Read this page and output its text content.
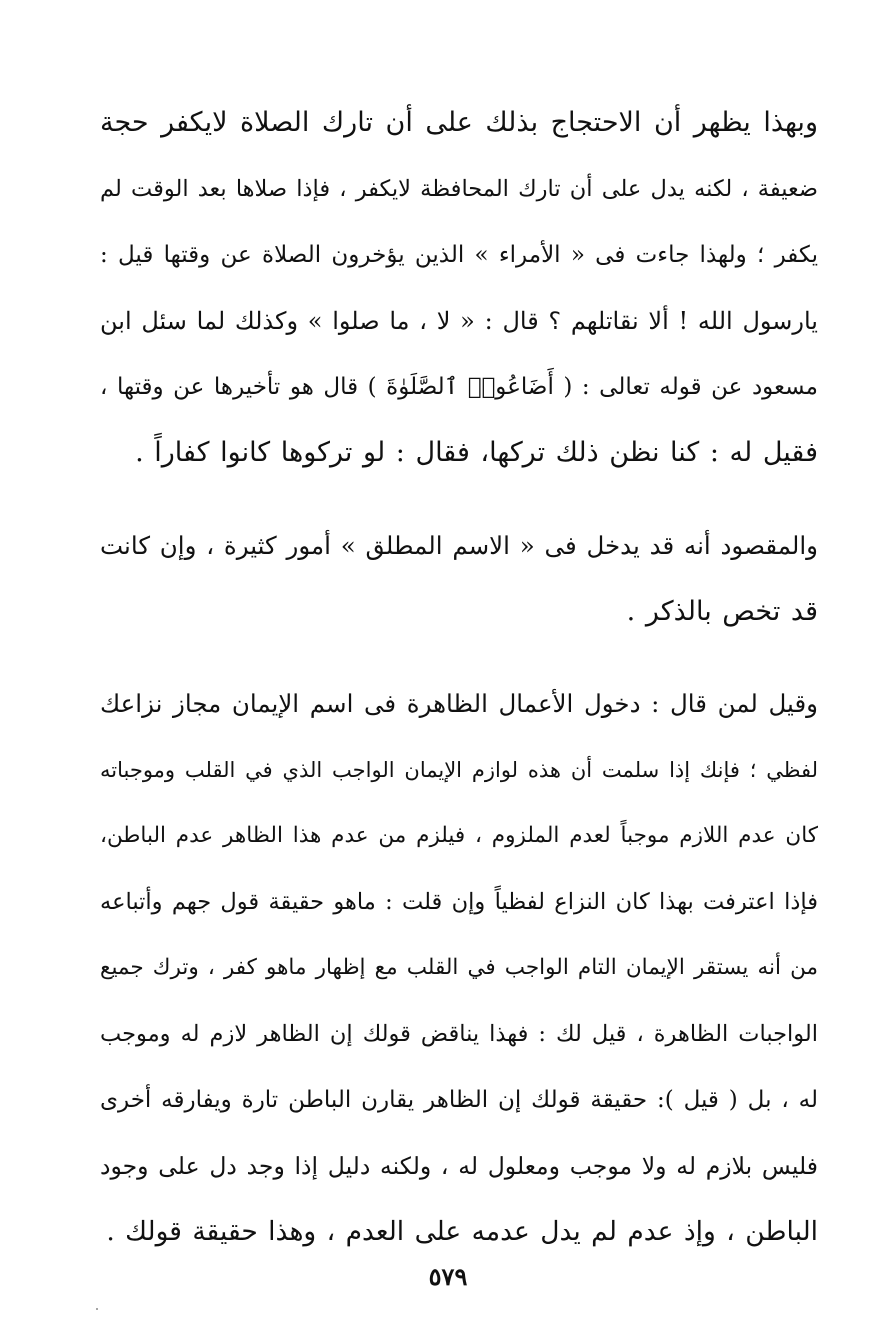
وبهذا يظهر أن الاحتجاج بذلك على أن تارك الصلاة لايكفر حجة
ضعيفة ، لكنه يدل على أن تارك المحافظة لايكفر ، فإذا صلاها بعد الوقت لم
يكفر ؛ ولهذا جاءت فى « الأمراء » الذين يؤخرون الصلاة عن وقتها قيل :
يارسول الله ! ألا نقاتلهم ؟ قال : « لا ، ما صلوا » وكذلك لما سئل ابن
مسعود عن قوله تعالى : ( أَضَاعُوا۟ ٱلصَّلَوٰةَ ) قال هو تأخيرها عن وقتها ،
فقيل له : كنا نظن ذلك تركها، فقال : لو تركوها كانوا كفاراً .
والمقصود أنه قد يدخل فى « الاسم المطلق » أمور كثيرة ، وإن كانت
قد تخص بالذكر .
وقيل لمن قال : دخول الأعمال الظاهرة فى اسم الإيمان مجاز نزاعك
لفظي ؛ فإنك إذا سلمت أن هذه لوازم الإيمان الواجب الذي في القلب وموجباته
كان عدم اللازم موجباً لعدم الملزوم ، فيلزم من عدم هذا الظاهر عدم الباطن،
فإذا اعترفت بهذا كان النزاع لفظياً وإن قلت : ماهو حقيقة قول جهم وأتباعه
من أنه يستقر الإيمان التام الواجب في القلب مع إظهار ماهو كفر ، وترك جميع
الواجبات الظاهرة ، قيل لك : فهذا يناقض قولك إن الظاهر لازم له وموجب
له ، بل ( قيل ): حقيقة قولك إن الظاهر يقارن الباطن تارة ويفارقه أخرى
فليس بلازم له ولا موجب ومعلول له ، ولكنه دليل إذا وجد دل على وجود
الباطن ، وإذ عدم لم يدل عدمه على العدم ، وهذا حقيقة قولك .
٥٧٩
